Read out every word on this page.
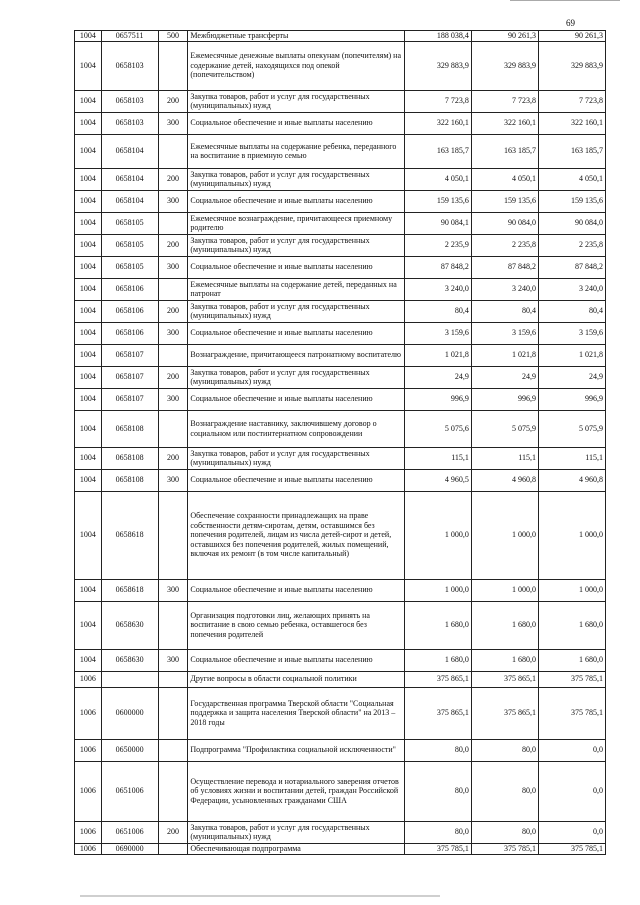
69
1004	0657511	500	Межбюджетные трансферты	188 038,4	90 261,3	90 261,3
1004	0658103		Ежемесячные денежные выплаты опекунам (попечителям) на содержание детей, находящихся под опекой (попечительством)	329 883,9	329 883,9	329 883,9
1004	0658103	200	Закупка товаров, работ и услуг для государственных (муниципальных) нужд	7 723,8	7 723,8	7 723,8
1004	0658103	300	Социальное обеспечение и иные выплаты населению	322 160,1	322 160,1	322 160,1
1004	0658104		Ежемесячные выплаты на содержание ребенка, переданного на воспитание в приемную семью	163 185,7	163 185,7	163 185,7
1004	0658104	200	Закупка товаров, работ и услуг для государственных (муниципальных) нужд	4 050,1	4 050,1	4 050,1
1004	0658104	300	Социальное обеспечение и иные выплаты населению	159 135,6	159 135,6	159 135,6
1004	0658105		Ежемесячное вознаграждение, причитающееся приемному родителю	90 084,1	90 084,0	90 084,0
1004	0658105	200	Закупка товаров, работ и услуг для государственных (муниципальных) нужд	2 235,9	2 235,8	2 235,8
1004	0658105	300	Социальное обеспечение и иные выплаты населению	87 848,2	87 848,2	87 848,2
1004	0658106		Ежемесячные выплаты на содержание детей, переданных на патронат	3 240,0	3 240,0	3 240,0
1004	0658106	200	Закупка товаров, работ и услуг для государственных (муниципальных) нужд	80,4	80,4	80,4
1004	0658106	300	Социальное обеспечение и иные выплаты населению	3 159,6	3 159,6	3 159,6
1004	0658107		Вознаграждение, причитающееся патронатному воспитателю	1 021,8	1 021,8	1 021,8
1004	0658107	200	Закупка товаров, работ и услуг для государственных (муниципальных) нужд	24,9	24,9	24,9
1004	0658107	300	Социальное обеспечение и иные выплаты населению	996,9	996,9	996,9
1004	0658108		Вознаграждение наставнику, заключившему договор о социальном или постинтернатном сопровождении	5 075,6	5 075,9	5 075,9
1004	0658108	200	Закупка товаров, работ и услуг для государственных (муниципальных) нужд	115,1	115,1	115,1
1004	0658108	300	Социальное обеспечение и иные выплаты населению	4 960,5	4 960,8	4 960,8
1004	0658618		Обеспечение сохранности принадлежащих на праве собственности детям-сиротам, детям, оставшимся без попечения родителей, лицам из числа детей-сирот и детей, оставшихся без попечения родителей, жилых помещений, включая их ремонт (в том числе капитальный)	1 000,0	1 000,0	1 000,0
1004	0658618	300	Социальное обеспечение и иные выплаты населению	1 000,0	1 000,0	1 000,0
1004	0658630		Организация подготовки лиц, желающих принять на воспитание в свою семью ребенка, оставшегося без попечения родителей	1 680,0	1 680,0	1 680,0
1004	0658630	300	Социальное обеспечение и иные выплаты населению	1 680,0	1 680,0	1 680,0
1006			Другие вопросы в области социальной политики	375 865,1	375 865,1	375 785,1
1006	0600000		Государственная программа Тверской области "Социальная поддержка и защита населения Тверской области" на 2013 – 2018 годы	375 865,1	375 865,1	375 785,1
1006	0650000		Подпрограмма "Профилактика социальной исключенности"	80,0	80,0	0,0
1006	0651006		Осуществление перевода и нотариального заверения отчетов об условиях жизни и воспитании детей, граждан Российской Федерации, усыновленных гражданами США	80,0	80,0	0,0
1006	0651006	200	Закупка товаров, работ и услуг для государственных (муниципальных) нужд	80,0	80,0	0,0
1006	0690000		Обеспечивающая подпрограмма	375 785,1	375 785,1	375 785,1
